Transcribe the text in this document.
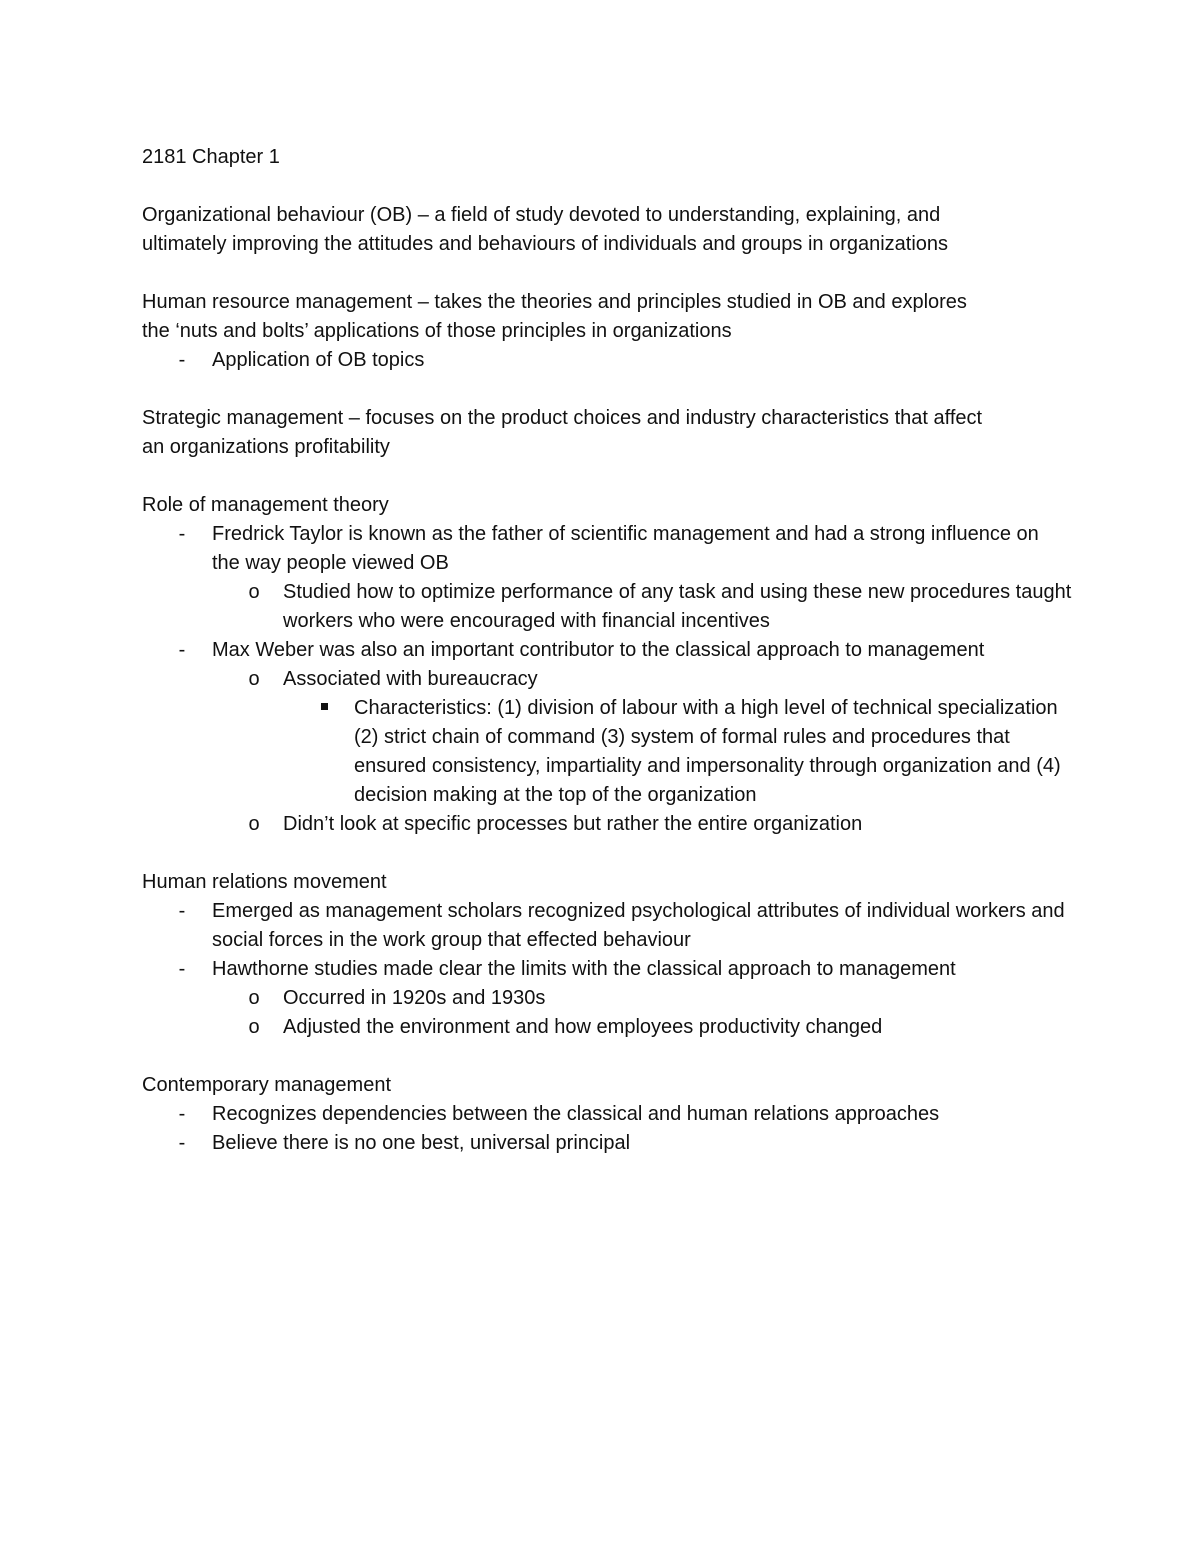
2181 Chapter 1

Organizational behaviour (OB) – a field of study devoted to understanding, explaining, and

ultimately improving the attitudes and behaviours of individuals and groups in organizations

Human resource management – takes the theories and principles studied in OB and explores

the ‘nuts and bolts’ applications of those principles in organizations

-	Application of OB topics

Strategic management – focuses on the product choices and industry characteristics that affect

an organizations profitability

Role of management theory

-	Fredrick Taylor is known as the father of scientific management and had a strong influence on the way people viewed OB
o Studied how to optimize performance of any task and using these new procedures taught workers who were encouraged with financial incentives
-	Max Weber was also an important contributor to the classical approach to management
o Associated with bureaucracy
Characteristics: (1) division of labour with a high level of technical specialization (2) strict chain of command (3) system of formal rules and procedures that ensured consistency, impartiality and impersonality through organization and (4) decision making at the top of the organization
o Didn’t look at specific processes but rather the entire organization

Human relations movement

-	Emerged as management scholars recognized psychological attributes of individual workers and social forces in the work group that effected behaviour
-	Hawthorne studies made clear the limits with the classical approach to management
o Occurred in 1920s and 1930s
o Adjusted the environment and how employees productivity changed

Contemporary management

-	Recognizes dependencies between the classical and human relations approaches
-	Believe there is no one best, universal principal
